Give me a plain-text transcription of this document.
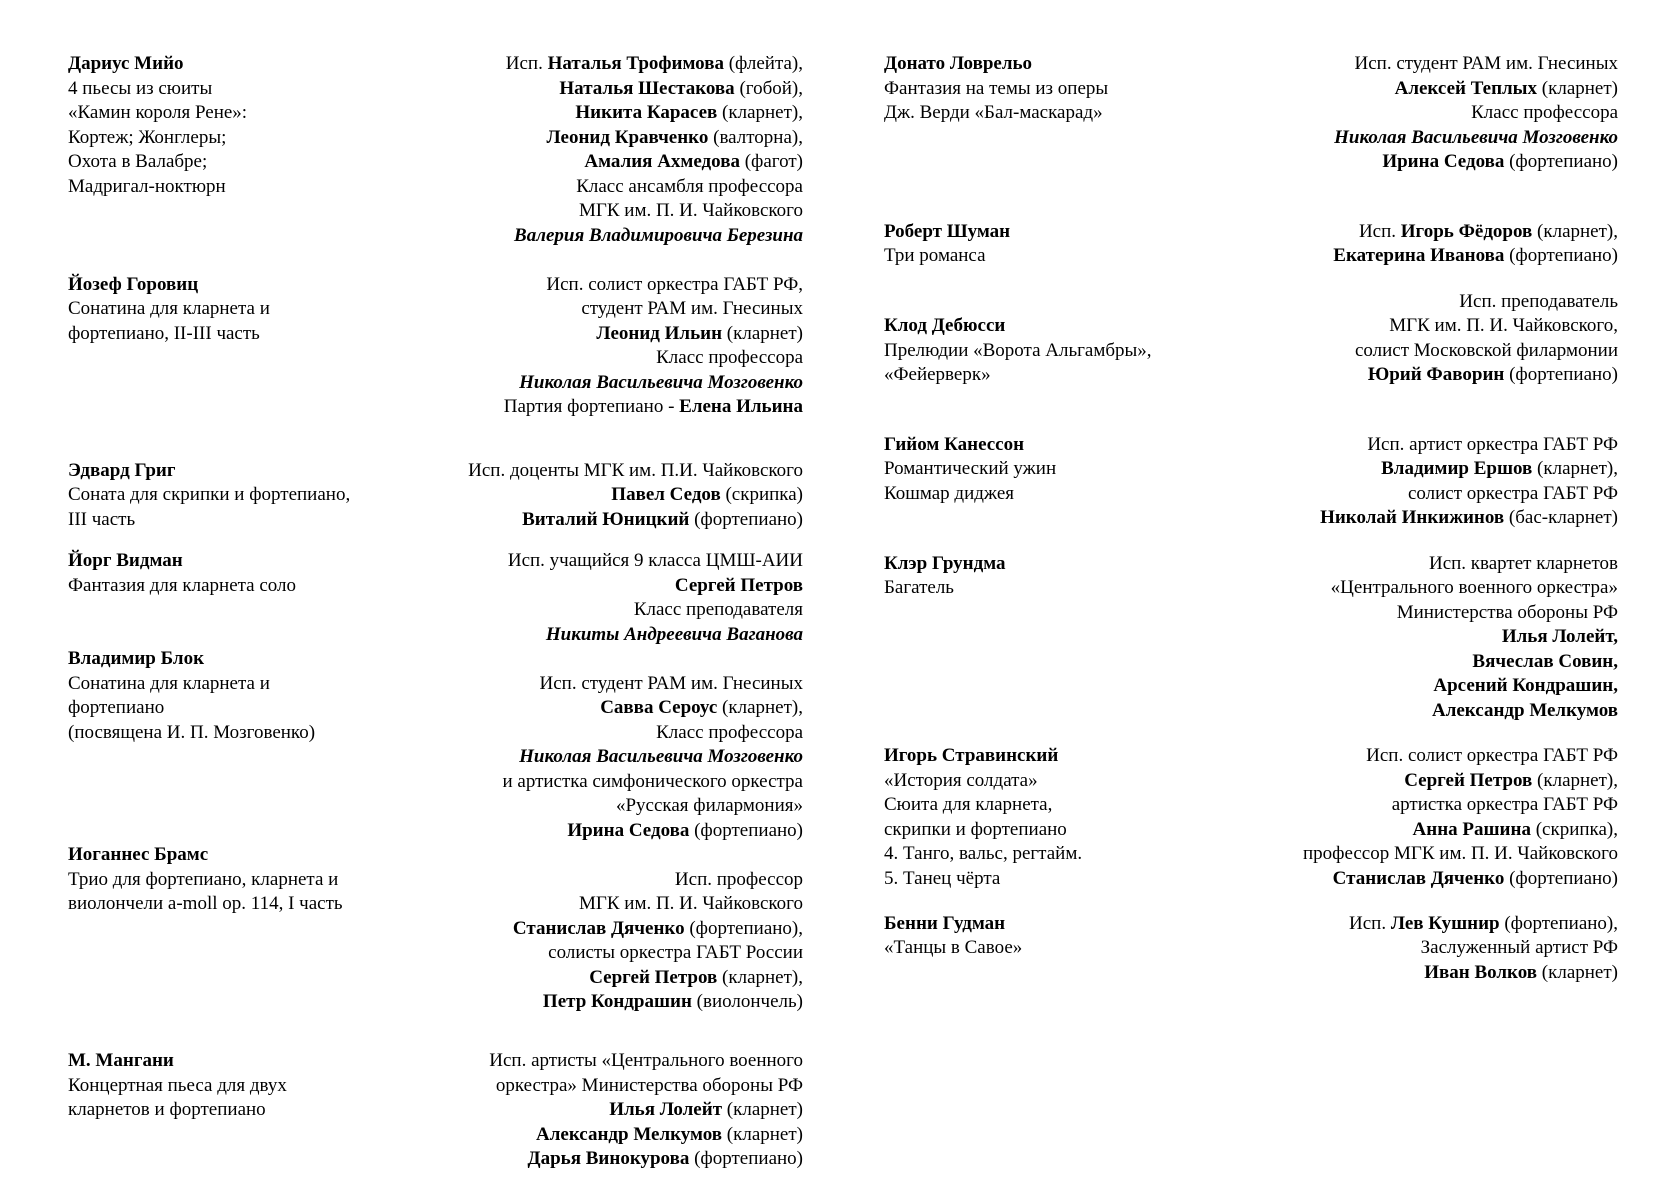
Дариус Мийо
4 пьесы из сюиты
«Камин короля Рене»:
Кортеж; Жонглеры;
Охота в Валабре;
Мадригал-ноктюрн
Исп. Наталья Трофимова (флейта),
Наталья Шестакова (гобой),
Никита Карасев (кларнет),
Леонид Кравченко (валторна),
Амалия Ахмедова (фагот)
Класс ансамбля профессора
МГК им. П. И. Чайковского
Валерия Владимировича Березина
Йозеф Горовиц
Сонатина для кларнета и
фортепиано, II-III часть
Исп. солист оркестра ГАБТ РФ,
студент РАМ им. Гнесиных
Леонид Ильин (кларнет)
Класс профессора
Николая Васильевича Мозговенко
Партия фортепиано - Елена Ильина
Эдвард Григ
Соната для скрипки и фортепиано,
III часть
Исп. доценты МГК им. П.И. Чайковского
Павел Седов (скрипка)
Виталий Юницкий (фортепиано)
Йорг Видман
Фантазия для кларнета соло
Исп. учащийся 9 класса ЦМШ-АИИ
Сергей Петров
Класс преподавателя
Никиты Андреевича Ваганова
Владимир Блок
Сонатина для кларнета и
фортепиано
(посвящена И. П. Мозговенко)
Исп. студент РАМ им. Гнесиных
Савва Сероус (кларнет),
Класс профессора
Николая Васильевича Мозговенко
и артистка симфонического оркестра
«Русская филармония»
Ирина Седова (фортепиано)
Иоганнес Брамс
Трио для фортепиано, кларнета и
виолончели a-moll op. 114, I часть
Исп. профессор
МГК им. П. И. Чайковского
Станислав Дяченко (фортепиано),
солисты оркестра ГАБТ России
Сергей Петров (кларнет),
Петр Кондрашин (виолончель)
М. Мангани
Концертная пьеса для двух
кларнетов и фортепиано
Исп. артисты «Центрального военного
оркестра» Министерства обороны РФ
Илья Лолейт (кларнет)
Александр Мелкумов (кларнет)
Дарья Винокурова (фортепиано)
Донато Ловрельо
Фантазия на темы из оперы
Дж. Верди «Бал-маскарад»
Исп. студент РАМ им. Гнесиных
Алексей Теплых (кларнет)
Класс профессора
Николая Васильевича Мозговенко
Ирина Седова (фортепиано)
Роберт Шуман
Три романса
Исп. Игорь Фёдоров (кларнет),
Екатерина Иванова (фортепиано)
Клод Дебюсси
Прелюдии «Ворота Альгамбры»,
«Фейерверк»
Исп. преподаватель
МГК им. П. И. Чайковского,
солист Московской филармонии
Юрий Фаворин (фортепиано)
Гийом Канессон
Романтический ужин
Кошмар диджея
Исп. артист оркестра ГАБТ РФ
Владимир Ершов (кларнет),
солист оркестра ГАБТ РФ
Николай Инкижинов (бас-кларнет)
Клэр Грундма
Багатель
Исп. квартет кларнетов
«Центрального военного оркестра»
Министерства обороны РФ
Илья Лолейт,
Вячеслав Совин,
Арсений Кондрашин,
Александр Мелкумов
Игорь Стравинский
«История солдата»
Сюита для кларнета,
скрипки и фортепиано
4. Танго, вальс, регтайм.
5. Танец чёрта
Исп. солист оркестра ГАБТ РФ
Сергей Петров (кларнет),
артистка оркестра ГАБТ РФ
Анна Рашина (скрипка),
профессор МГК им. П. И. Чайковского
Станислав Дяченко (фортепиано)
Бенни Гудман
«Танцы в Савое»
Исп. Лев Кушнир (фортепиано),
Заслуженный артист РФ
Иван Волков (кларнет)
